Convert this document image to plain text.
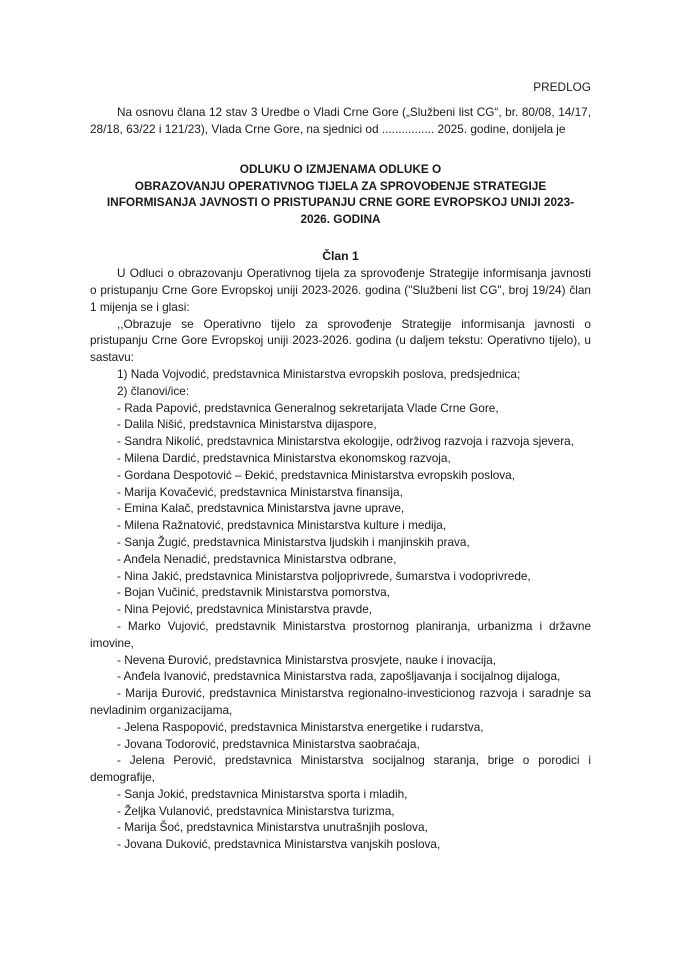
PREDLOG

Na osnovu člana 12 stav 3 Uredbe o Vladi Crne Gore („Službeni list CG“, br. 80/08, 14/17, 28/18, 63/22 i 121/23), Vlada Crne Gore, na sjednici od ................ 2025. godine, donijela je

ODLUKU O IZMJENAMA ODLUKE O
OBRAZOVANJU OPERATIVNOG TIJELA ZA SPROVOĐENJE STRATEGIJE
INFORMISANJA JAVNOSTI O PRISTUPANJU CRNE GORE EVROPSKOJ UNIJI 2023-
2026. GODINA
Član 1

U Odluci o obrazovanju Operativnog tijela za sprovođenje Strategije informisanja javnosti o pristupanju Crne Gore Evropskoj uniji 2023-2026. godina ("Službeni list CG", broj 19/24) član 1 mijenja se i glasi:

,,Obrazuje se Operativno tijelo za sprovođenje Strategije informisanja javnosti o pristupanju Crne Gore Evropskoj uniji 2023-2026. godina (u daljem tekstu: Operativno tijelo), u sastavu:

1) Nada Vojvodić, predstavnica Ministarstva evropskih poslova, predsjednica;

2) članovi/ice:

- Rada Papović, predstavnica Generalnog sekretarijata Vlade Crne Gore,

- Dalila Nišić, predstavnica Ministarstva dijaspore,

- Sandra Nikolić, predstavnica Ministarstva ekologije, održivog razvoja i razvoja sjevera,

- Milena Dardić, predstavnica Ministarstva ekonomskog razvoja,

- Gordana Despotović – Đekić, predstavnica Ministarstva evropskih poslova,

- Marija Kovačević, predstavnica Ministarstva finansija,

- Emina Kalač, predstavnica Ministarstva javne uprave,

- Milena Ražnatović, predstavnica Ministarstva kulture i medija,

- Sanja Žugić, predstavnica Ministarstva ljudskih i manjinskih prava,

- Anđela Nenadić, predstavnica Ministarstva odbrane,

- Nina Jakić, predstavnica Ministarstva poljoprivrede, šumarstva i vodoprivrede,

- Bojan Vučinić, predstavnik Ministarstva pomorstva,

- Nina Pejović, predstavnica Ministarstva pravde,

- Marko Vujović, predstavnik Ministarstva prostornog planiranja, urbanizma i državne imovine,

- Nevena Đurović, predstavnica Ministarstva prosvjete, nauke i inovacija,

- Anđela Ivanović, predstavnica Ministarstva rada, zapošljavanja i socijalnog dijaloga,

- Marija Đurović, predstavnica Ministarstva regionalno-investicionog razvoja i saradnje sa nevladinim organizacijama,

- Jelena Raspopović, predstavnica Ministarstva energetike i rudarstva,

- Jovana Todorović, predstavnica Ministarstva saobraćaja,

- Jelena Perović, predstavnica Ministarstva socijalnog staranja, brige o porodici i demografije,

- Sanja Jokić, predstavnica Ministarstva sporta i mladih,

- Željka Vulanović, predstavnica Ministarstva turizma,

- Marija Šoć, predstavnica Ministarstva unutrašnjih poslova,

- Jovana Duković, predstavnica Ministarstva vanjskih poslova,
